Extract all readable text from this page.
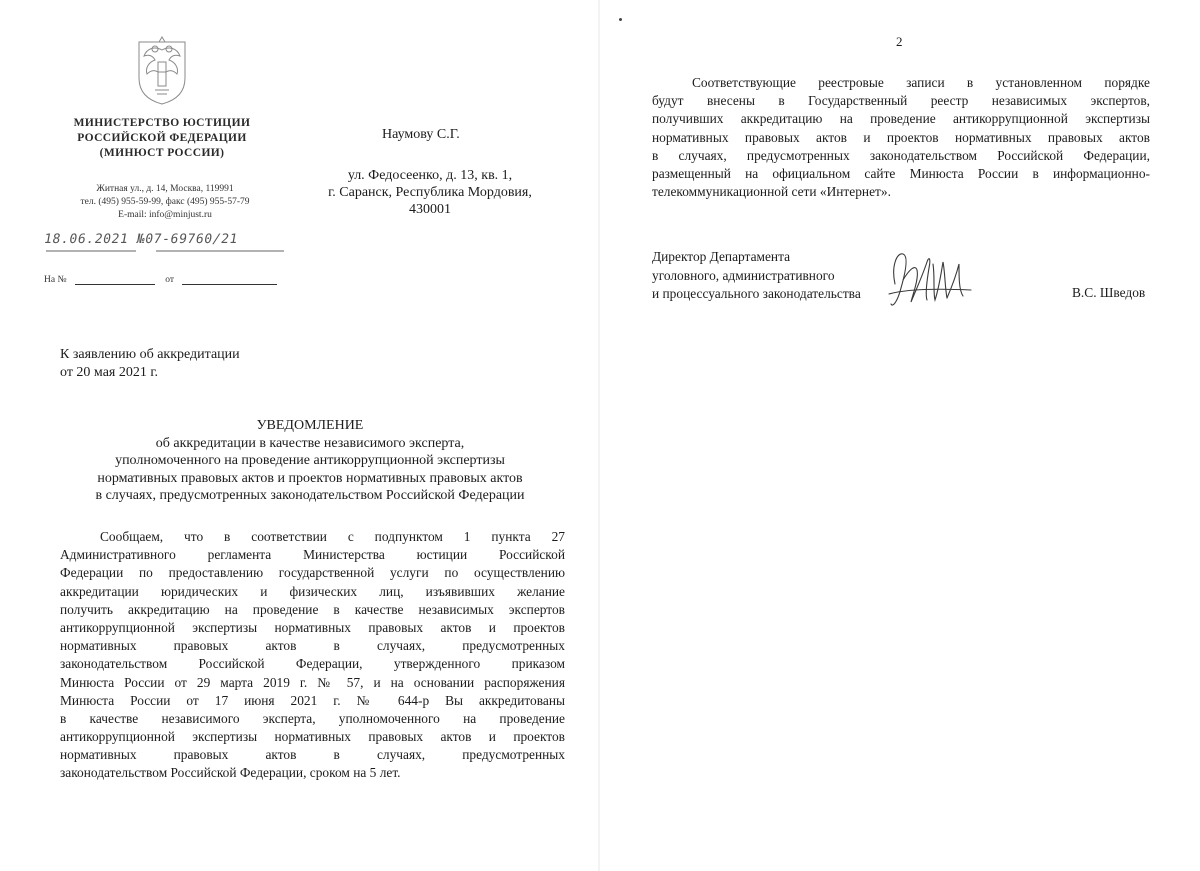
МИНИСТЕРСТВО ЮСТИЦИИ
РОССИЙСКОЙ ФЕДЕРАЦИИ
(МИНЮСТ РОССИИ)
Житная ул., д. 14, Москва, 119991
тел. (495) 955-59-99, факс (495) 955-57-79
E-mail: info@minjust.ru
18.06.2021 №07-69760/21
На №	от
Наумову С.Г.
ул. Федосеенко, д. 13, кв. 1,
г. Саранск, Республика Мордовия,
430001
К заявлению об аккредитации
от 20 мая 2021 г.
УВЕДОМЛЕНИЕ
об аккредитации в качестве независимого эксперта,
уполномоченного на проведение антикоррупционной экспертизы
нормативных правовых актов и проектов нормативных правовых актов
в случаях, предусмотренных законодательством Российской Федерации
Сообщаем, что в соответствии с подпунктом 1 пункта 27
Административного регламента Министерства юстиции Российской
Федерации по предоставлению государственной услуги по осуществлению
аккредитации юридических и физических лиц, изъявивших желание
получить аккредитацию на проведение в качестве независимых экспертов
антикоррупционной экспертизы нормативных правовых актов и проектов
нормативных правовых актов в случаях, предусмотренных
законодательством Российской Федерации, утвержденного приказом
Минюста России от 29 марта 2019 г. № 57, и на основании распоряжения
Минюста России от 17 июня 2021 г. № 644-р Вы аккредитованы
в качестве независимого эксперта, уполномоченного на проведение
антикоррупционной экспертизы нормативных правовых актов и проектов
нормативных правовых актов в случаях, предусмотренных
законодательством Российской Федерации, сроком на 5 лет.
2
Соответствующие реестровые записи в установленном порядке
будут внесены в Государственный реестр независимых экспертов,
получивших аккредитацию на проведение антикоррупционной экспертизы
нормативных правовых актов и проектов нормативных правовых актов
в случаях, предусмотренных законодательством Российской Федерации,
размещенный на официальном сайте Минюста России в информационно-
телекоммуникационной сети «Интернет».
Директор Департамента
уголовного, административного
и процессуального законодательства	В.С. Шведов
